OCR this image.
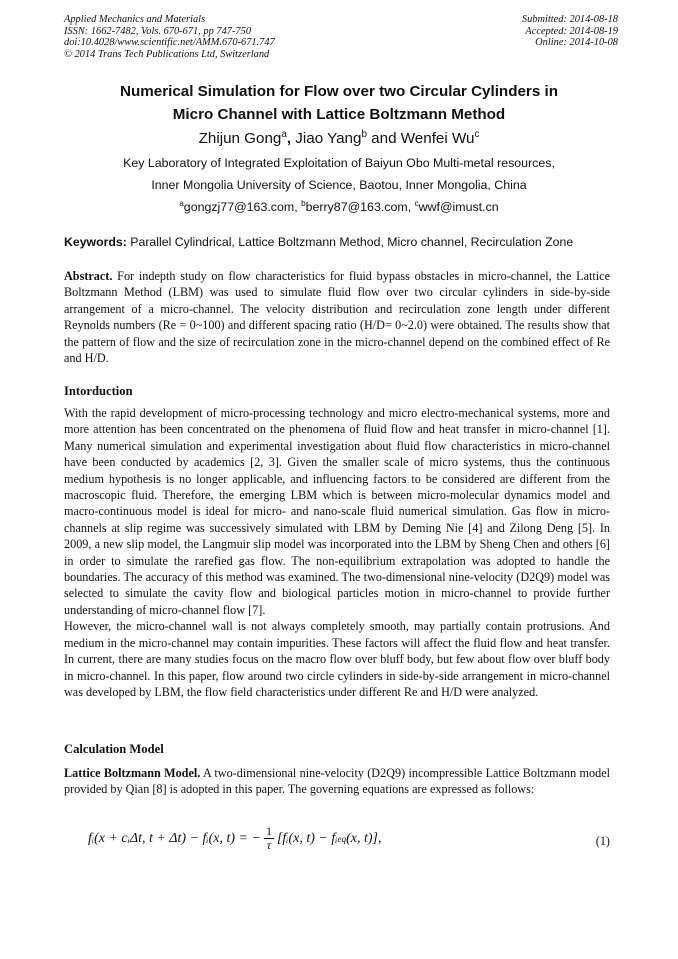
Applied Mechanics and Materials
ISSN: 1662-7482, Vols. 670-671, pp 747-750
doi:10.4028/www.scientific.net/AMM.670-671.747
© 2014 Trans Tech Publications Ltd, Switzerland
Submitted: 2014-08-18
Accepted: 2014-08-19
Online: 2014-10-08
Numerical Simulation for Flow over two Circular Cylinders in
Micro Channel with Lattice Boltzmann Method
Zhijun Gong$^a$, Jiao Yang$^b$ and Wenfei Wu$^c$
Key Laboratory of Integrated Exploitation of Baiyun Obo Multi-metal resources,
Inner Mongolia University of Science, Baotou, Inner Mongolia, China
$^a$gongzj77@163.com, $^b$berry87@163.com, $^c$wwf@imust.cn
Keywords: Parallel Cylindrical, Lattice Boltzmann Method, Micro channel, Recirculation Zone
Abstract. For indepth study on flow characteristics for fluid bypass obstacles in micro-channel, the Lattice Boltzmann Method (LBM) was used to simulate fluid flow over two circular cylinders in side-by-side arrangement of a micro-channel. The velocity distribution and recirculation zone length under different Reynolds numbers (Re = 0~100) and different spacing ratio (H/D= 0~2.0) were obtained. The results show that the pattern of flow and the size of recirculation zone in the micro-channel depend on the combined effect of Re and H/D.
Intorduction

With the rapid development of micro-processing technology and micro electro-mechanical systems, more and more attention has been concentrated on the phenomena of fluid flow and heat transfer in micro-channel [1]. Many numerical simulation and experimental investigation about fluid flow characteristics in micro-channel have been conducted by academics [2, 3]. Given the smaller scale of micro systems, thus the continuous medium hypothesis is no longer applicable, and influencing factors to be considered are different from the macroscopic fluid. Therefore, the emerging LBM which is between micro-molecular dynamics model and macro-continuous model is ideal for micro- and nano-scale fluid numerical simulation. Gas flow in micro-channels at slip regime was successively simulated with LBM by Deming Nie [4] and Zilong Deng [5]. In 2009, a new slip model, the Langmuir slip model was incorporated into the LBM by Sheng Chen and others [6] in order to simulate the rarefied gas flow. The non-equilibrium extrapolation was adopted to handle the boundaries. The accuracy of this method was examined. The two-dimensional nine-velocity (D2Q9) model was selected to simulate the cavity flow and biological particles motion in micro-channel to provide further understanding of micro-channel flow [7].

However, the micro-channel wall is not always completely smooth, may partially contain protrusions. And medium in the micro-channel may contain impurities. These factors will affect the fluid flow and heat transfer. In current, there are many studies focus on the macro flow over bluff body, but few about flow over bluff body in micro-channel. In this paper, flow around two circle cylinders in side-by-side arrangement in micro-channel was developed by LBM, the flow field characteristics under different Re and H/D were analyzed.

Calculation Model
Lattice Boltzmann Model. A two-dimensional nine-velocity (D2Q9) incompressible Lattice Boltzmann model provided by Qian [8] is adopted in this paper. The governing equations are expressed as follows:
fᵢ(x + cᵢΔt, t + Δt) − fᵢ(x, t) = − $\frac{1}{\tau}$ [fᵢ(x, t) − fᵢ eq (x, t)],	(1)
